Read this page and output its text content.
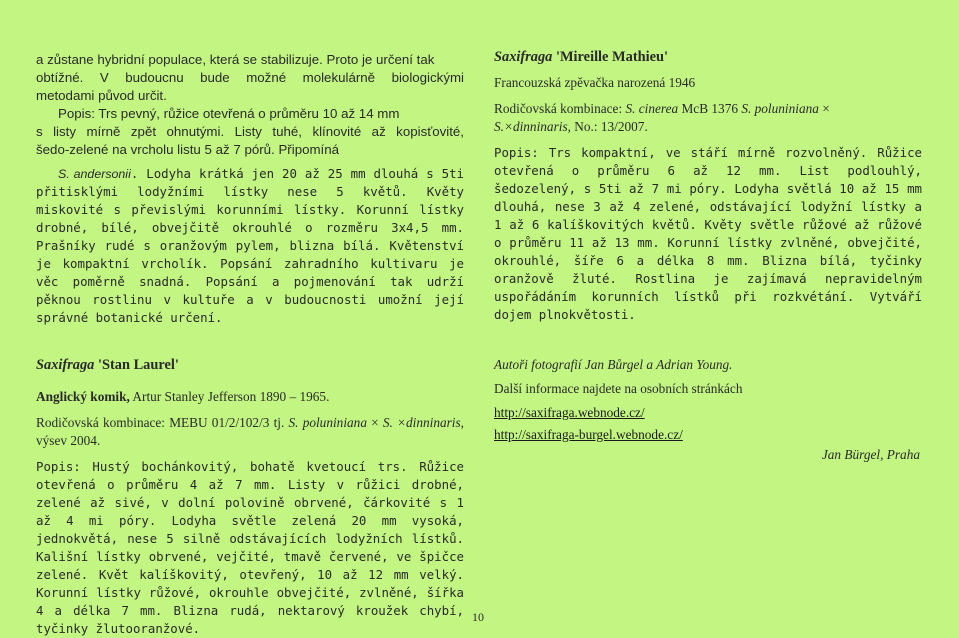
a zůstane hybridní populace, která se stabilizuje. Proto je určení tak

obtížné. V budoucnu bude možné molekulárně biologickými

metodami původ určit.

Popis: Trs pevný, růžice otevřená o průměru 10 až 14 mm

s listy mírně zpět ohnutými. Listy tuhé, klínovité až kopisťovité,

šedo-zelené na vrcholu listu 5 až 7 pórů. Připomíná

S. andersonii. Lodyha krátká jen 20 až 25 mm dlouhá s 5ti přitisklými lodyžními lístky nese 5 květů. Květy miskovité s převislými korunními lístky. Korunní lístky drobné, bílé, obvejčitě okrouhlé o rozměru 3x4,5 mm. Prašníky rudé s oranžovým pylem, blizna bílá. Květenství je kompaktní vrcholík. Popsání zahradního kultivaru je věc poměrně snadná. Popsání a pojmenování tak udrží pěknou rostlinu v kultuře a v budoucnosti umožní její správné botanické určení.

Saxifraga 'Stan Laurel'

Anglický komik, Artur Stanley Jefferson 1890 – 1965.

Rodičovská kombinace: MEBU 01/2/102/3 tj. S. poluniniana × S. ×dinninaris, výsev 2004.

Popis: Hustý bochánkovitý, bohatě kvetoucí trs. Růžice otevřená o průměru 4 až 7 mm. Listy v růžici drobné, zelené až sivé, v dolní polovině obrvené, čárkovité s 1 až 4 mi póry. Lodyha světle zelená 20 mm vysoká, jednokvětá, nese 5 silně odstávajících lodyžních lístků. Kališní lístky obrvené, vejčité, tmavě červené, ve špičce zelené. Květ kalíškovitý, otevřený, 10 až 12 mm velký. Korunní lístky růžové, okrouhle obvejčité, zvlněné, šířka 4 a délka 7 mm. Blizna rudá, nektarový kroužek chybí, tyčinky žlutooranžové.

Saxifraga 'Mireille Mathieu'

Francouzská zpěvačka narozená 1946

Rodičovská kombinace: S. cinerea McB 1376 S. poluniniana ×
S.×dinninaris, No.: 13/2007.

Popis: Trs kompaktní, ve stáří mírně rozvolněný. Růžice otevřená o průměru 6 až 12 mm. List podlouhlý, šedozelený, s 5ti až 7 mi póry. Lodyha světlá 10 až 15 mm dlouhá, nese 3 až 4 zelené, odstávající lodyžní lístky a 1 až 6 kalíškovitých květů. Květy světle růžové až růžové o průměru 11 až 13 mm. Korunní lístky zvlněné, obvejčité, okrouhlé, šíře 6 a délka 8 mm. Blizna bílá, tyčinky oranžově žluté. Rostlina je zajímavá nepravidelným uspořádáním korunních lístků při rozkvétání. Vytváří dojem plnokvětosti.

Autoři fotografií Jan Bůrgel a Adrian Young.

Další informace najdete na osobních stránkách

http://saxifraga.webnode.cz/

http://saxifraga-burgel.webnode.cz/

Jan Bürgel, Praha

10
